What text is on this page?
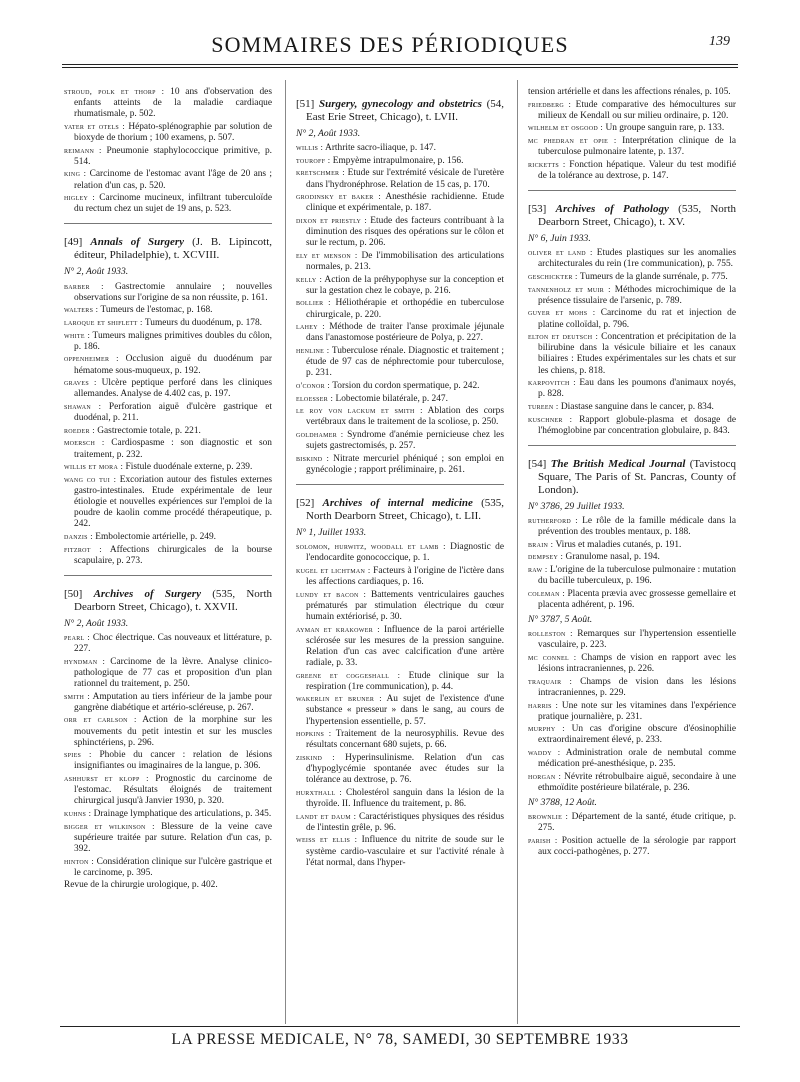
SOMMAIRES DES PÉRIODIQUES	139
stroud, polk et thorp : 10 ans d'observation des enfants atteints de la maladie cardiaque rhumatismale, p. 502.
yater et otels : Hépato-splénographie par solution de bioxyde de thorium ; 100 examens, p. 507.
reimann : Pneumonie staphylococcique primitive, p. 514.
king : Carcinome de l'estomac avant l'âge de 20 ans ; relation d'un cas, p. 520.
higley : Carcinome mucineux, infiltrant tuberculoïde du rectum chez un sujet de 19 ans, p. 523.
[49] Annals of Surgery (J. B. Lipincott, éditeur, Philadelphie), t. XCVIII.
N° 2, Août 1933.
barber : Gastrectomie annulaire ; nouvelles observations sur l'origine de sa non réussite, p. 161.
walters : Tumeurs de l'estomac, p. 168.
laroque et shiflett : Tumeurs du duodénum, p. 178.
white : Tumeurs malignes primitives doubles du côlon, p. 186.
oppenheimer : Occlusion aiguë du duodénum par hématome sous-muqueux, p. 192.
graves : Ulcère peptique perforé dans les cliniques allemandes. Analyse de 4.402 cas, p. 197.
shawan : Perforation aiguë d'ulcère gastrique et duodénal, p. 211.
roeder : Gastrectomie totale, p. 221.
moersch : Cardiospasme : son diagnostic et son traitement, p. 232.
willis et mora : Fistule duodénale externe, p. 239.
wang co tui : Excoriation autour des fistules externes gastro-intestinales. Etude expérimentale de leur étiologie et nouvelles expériences sur l'emploi de la poudre de kaolin comme procédé thérapeutique, p. 242.
danzis : Embolectomie artérielle, p. 249.
fitzrot : Affections chirurgicales de la bourse scapulaire, p. 273.
[50] Archives of Surgery (535, North Dearborn Street, Chicago), t. XXVII.
N° 2, Août 1933.
pearl : Choc électrique. Cas nouveaux et littérature, p. 227.
hyndman : Carcinome de la lèvre. Analyse clinico-pathologique de 77 cas et proposition d'un plan rationnel du traitement, p. 250.
smith : Amputation au tiers inférieur de la jambe pour gangrène diabétique et artério-scléreuse, p. 267.
orr et carlson : Action de la morphine sur les mouvements du petit intestin et sur les muscles sphinctériens, p. 296.
spies : Phobie du cancer : relation de lésions insignifiantes ou imaginaires de la langue, p. 306.
ashhurst et klopp : Prognostic du carcinome de l'estomac. Résultats éloignés de traitement chirurgical jusqu'à Janvier 1930, p. 320.
kuhns : Drainage lymphatique des articulations, p. 345.
bigger et wilkinson : Blessure de la veine cave supérieure traitée par suture. Relation d'un cas, p. 392.
hinton : Considération clinique sur l'ulcère gastrique et le carcinome, p. 395.
Revue de la chirurgie urologique, p. 402.
[51] Surgery, gynecology and obstetrics (54, East Erie Street, Chicago), t. LVII.
N° 2, Août 1933.
willis : Arthrite sacro-iliaque, p. 147.
touroff : Empyème intrapulmonaire, p. 156.
kretschmer : Etude sur l'extrémité vésicale de l'uretère dans l'hydronéphrose. Relation de 15 cas, p. 170.
grodinsky et baker : Anesthésie rachidienne. Etude clinique et expérimentale, p. 187.
dixon et priestly : Etude des facteurs contribuant à la diminution des risques des opérations sur le côlon et sur le rectum, p. 206.
ely et menson : De l'immobilisation des articulations normales, p. 213.
kelly : Action de la préhypophyse sur la conception et sur la gestation chez le cobaye, p. 216.
bollier : Héliothérapie et orthopédie en tuberculose chirurgicale, p. 220.
lahey : Méthode de traiter l'anse proximale jéjunale dans l'anastomose postérieure de Polya, p. 227.
henline : Tuberculose rénale. Diagnostic et traitement ; étude de 97 cas de néphrectomie pour tuberculose, p. 231.
o'conor : Torsion du cordon spermatique, p. 242.
eloesser : Lobectomie bilatérale, p. 247.
le roy von lackum et smith : Ablation des corps vertébraux dans le traitement de la scoliose, p. 250.
goldhamer : Syndrome d'anémie pernicieuse chez les sujets gastrectomisés, p. 257.
biskind : Nitrate mercuriel phéniqué ; son emploi en gynécologie ; rapport préliminaire, p. 261.
[52] Archives of internal medicine (535, North Dearborn Street, Chicago), t. LII.
N° 1, Juillet 1933.
solomon, hurwitz, woodall et lamb : Diagnostic de l'endocardite gonococcique, p. 1.
kugel et lichtman : Facteurs à l'origine de l'ictère dans les affections cardiaques, p. 16.
lundy et bacon : Battements ventriculaires gauches prématurés par stimulation électrique du cœur humain extériorisé, p. 30.
ayman et krakower : Influence de la paroi artérielle sclérosée sur les mesures de la pression sanguine. Relation d'un cas avec calcification d'une artère radiale, p. 33.
greene et coggeshall : Etude clinique sur la respiration (1re communication), p. 44.
wakerlin et bruner : Au sujet de l'existence d'une substance « presseur » dans le sang, au cours de l'hypertension essentielle, p. 57.
hopkins : Traitement de la neurosyphilis. Revue des résultats concernant 680 sujets, p. 66.
ziskind : Hyperinsulinisme. Relation d'un cas d'hypoglycémie spontanée avec études sur la tolérance au dextrose, p. 76.
hurxthall : Cholestérol sanguin dans la lésion de la thyroïde. II. Influence du traitement, p. 86.
landt et daum : Caractéristiques physiques des résidus de l'intestin grêle, p. 96.
weiss et ellis : Influence du nitrite de soude sur le système cardio-vasculaire et sur l'activité rénale à l'état normal, dans l'hyper-
tension artérielle et dans les affections rénales, p. 105.
friedberg : Etude comparative des hémocultures sur milieux de Kendall ou sur milieu ordinaire, p. 120.
wilhelm et osgood : Un groupe sanguin rare, p. 133.
mc phedran et opie : Interprétation clinique de la tuberculose pulmonaire latente, p. 137.
ricketts : Fonction hépatique. Valeur du test modifié de la tolérance au dextrose, p. 147.
[53] Archives of Pathology (535, North Dearborn Street, Chicago), t. XV.
N° 6, Juin 1933.
oliver et land : Etudes plastiques sur les anomalies architecturales du rein (1re communication), p. 755.
geschickter : Tumeurs de la glande surrénale, p. 775.
tannenholz et muir : Méthodes microchimique de la présence tissulaire de l'arsenic, p. 789.
guyer et mohs : Carcinome du rat et injection de platine colloïdal, p. 796.
elton et deutsch : Concentration et précipitation de la bilirubine dans la vésicule biliaire et les canaux biliaires : Etudes expérimentales sur les chats et sur les chiens, p. 818.
karpovitch : Eau dans les poumons d'animaux noyés, p. 828.
tureen : Diastase sanguine dans le cancer, p. 834.
kuschner : Rapport globule-plasma et dosage de l'hémoglobine par concentration globulaire, p. 843.
[54] The British Medical Journal (Tavistocq Square, The Paris of St. Pancras, County of London).
N° 3786, 29 Juillet 1933.
rutherford : Le rôle de la famille médicale dans la prévention des troubles mentaux, p. 188.
brain : Virus et maladies cutanés, p. 191.
dempsey : Granulome nasal, p. 194.
raw : L'origine de la tuberculose pulmonaire : mutation du bacille tuberculeux, p. 196.
coleman : Placenta prævia avec grossesse gemellaire et placenta adhérent, p. 196.
N° 3787, 5 Août.
rolleston : Remarques sur l'hypertension essentielle vasculaire, p. 223.
mc connel : Champs de vision en rapport avec les lésions intracraniennes, p. 226.
traquair : Champs de vision dans les lésions intracraniennes, p. 229.
harris : Une note sur les vitamines dans l'expérience pratique journalière, p. 231.
murphy : Un cas d'origine obscure d'éosinophilie extraordinairement élevé, p. 233.
waddy : Administration orale de nembutal comme médication pré-anesthésique, p. 235.
horgan : Névrite rétrobulbaire aiguë, secondaire à une ethmoïdite postérieure bilatérale, p. 236.
N° 3788, 12 Août.
brownlie : Département de la santé, étude critique, p. 275.
parish : Position actuelle de la sérologie par rapport aux cocci-pathogènes, p. 277.
LA PRESSE MEDICALE, N° 78, SAMEDI, 30 SEPTEMBRE 1933
